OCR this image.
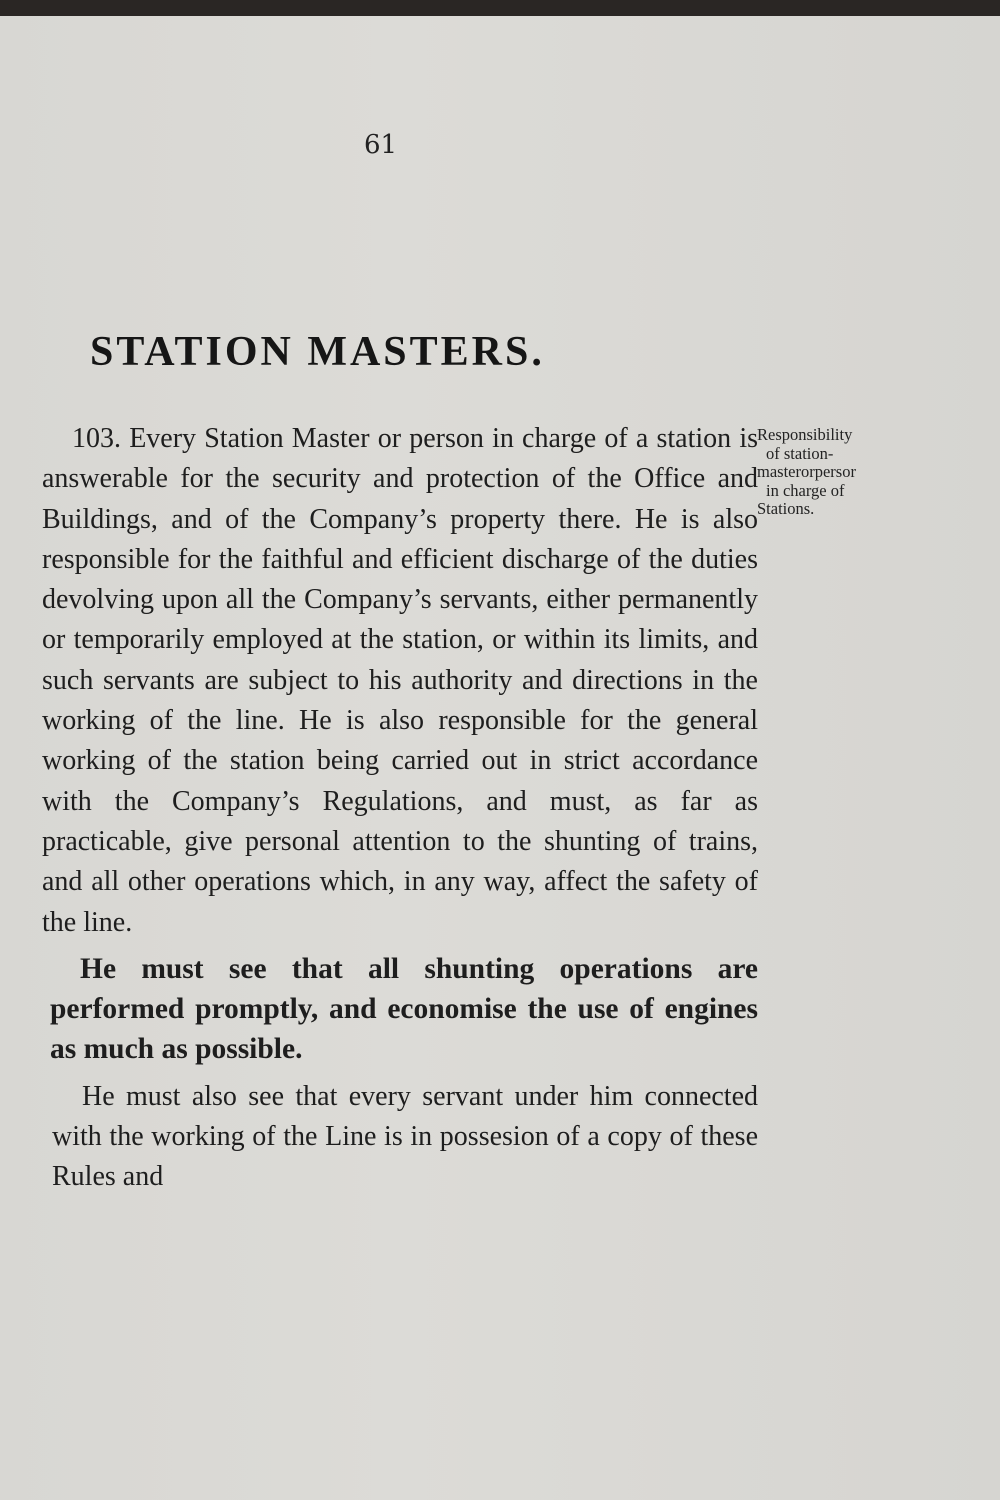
61
STATION MASTERS.

103. Every Station Master or person in charge of a station is answerable for the security and protection of the Office and Buildings, and of the Company’s property there. He is also responsible for the faithful and efficient discharge of the duties devolving upon all the Company’s servants, either permanently or temporarily employed at the station, or within its limits, and such servants are subject to his authority and directions in the working of the line. He is also responsible for the general working of the station being carried out in strict accordance with the Company’s Regulations, and must, as far as practicable, give personal attention to the shunting of trains, and all other operations which, in any way, affect the safety of the line.

He must see that all shunting operations are performed promptly, and economise the use of engines as much as possible.

He must also see that every servant under him connected with the working of the Line is in possesion of a copy of these Rules and

Responsibility

of station-
masterorpersor

in charge of
Stations.
